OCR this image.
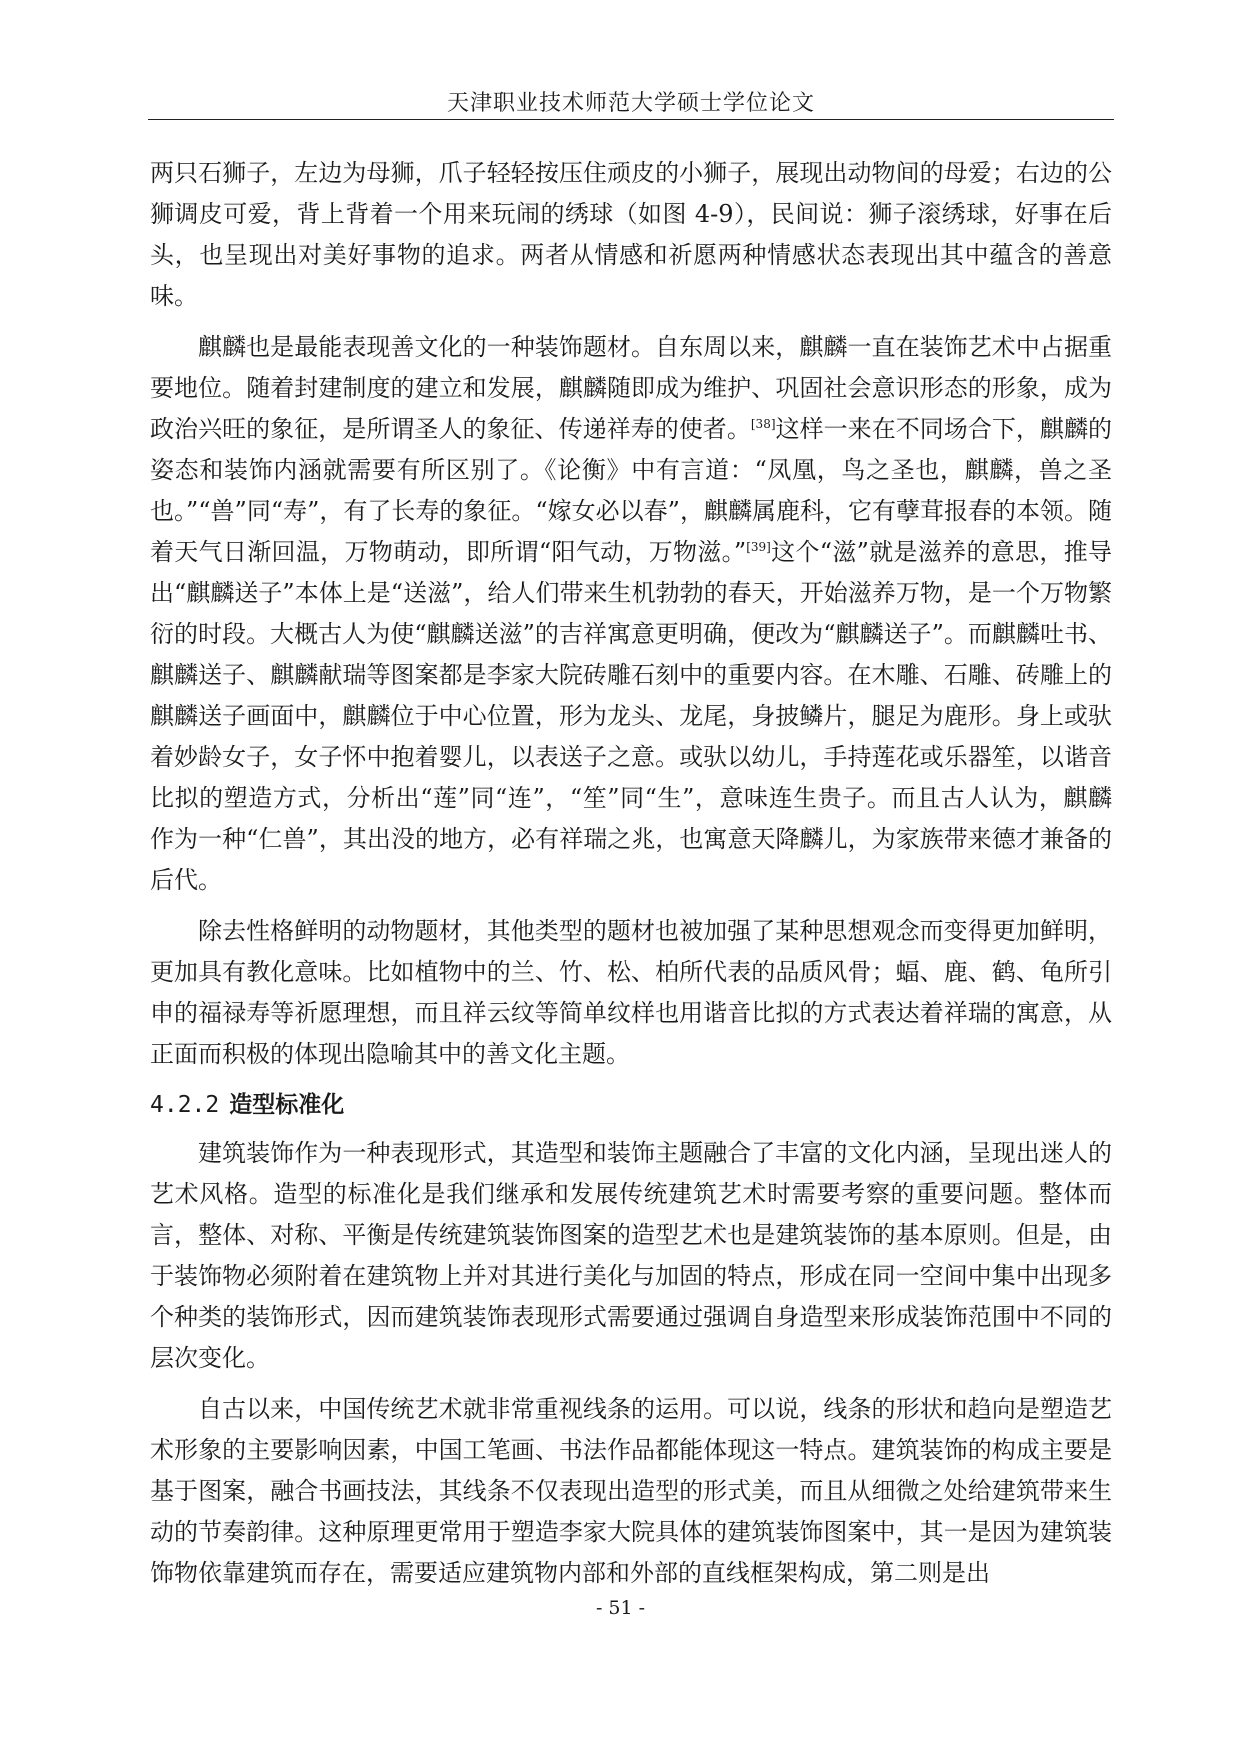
天津职业技术师范大学硕士学位论文

两只石狮子，左边为母狮，爪子轻轻按压住顽皮的小狮子，展现出动物间的母爱；右边的公狮调皮可爱，背上背着一个用来玩闹的绣球（如图 4-9），民间说：狮子滚绣球，好事在后头，也呈现出对美好事物的追求。两者从情感和祈愿两种情感状态表现出其中蕴含的善意味。

麒麟也是最能表现善文化的一种装饰题材。自东周以来，麒麟一直在装饰艺术中占据重要地位。随着封建制度的建立和发展，麒麟随即成为维护、巩固社会意识形态的形象，成为政治兴旺的象征，是所谓圣人的象征、传递祥寿的使者。[38]这样一来在不同场合下，麒麟的姿态和装饰内涵就需要有所区别了。《论衡》中有言道：“凤凰，鸟之圣也，麒麟，兽之圣也。”“兽”同“寿”，有了长寿的象征。“嫁女必以春”，麒麟属鹿科，它有孽茸报春的本领。随着天气日渐回温，万物萌动，即所谓“阳气动，万物滋。”[39]这个“滋”就是滋养的意思，推导出“麒麟送子”本体上是“送滋”，给人们带来生机勃勃的春天，开始滋养万物，是一个万物繁衍的时段。大概古人为使“麒麟送滋”的吉祥寓意更明确，便改为“麒麟送子”。而麒麟吐书、麒麟送子、麒麟献瑞等图案都是李家大院砖雕石刻中的重要内容。在木雕、石雕、砖雕上的麒麟送子画面中，麒麟位于中心位置，形为龙头、龙尾，身披鳞片，腿足为鹿形。身上或驮着妙龄女子，女子怀中抱着婴儿，以表送子之意。或驮以幼儿，手持莲花或乐器笙，以谐音比拟的塑造方式，分析出“莲”同“连”，“笙”同“生”，意味连生贵子。而且古人认为，麒麟作为一种“仁兽”，其出没的地方，必有祥瑞之兆，也寓意天降麟儿，为家族带来德才兼备的后代。

除去性格鲜明的动物题材，其他类型的题材也被加强了某种思想观念而变得更加鲜明，更加具有教化意味。比如植物中的兰、竹、松、柏所代表的品质风骨；蝠、鹿、鹤、龟所引申的福禄寿等祈愿理想，而且祥云纹等简单纹样也用谐音比拟的方式表达着祥瑞的寓意，从正面而积极的体现出隐喻其中的善文化主题。

4.2.2 造型标准化

建筑装饰作为一种表现形式，其造型和装饰主题融合了丰富的文化内涵，呈现出迷人的艺术风格。造型的标准化是我们继承和发展传统建筑艺术时需要考察的重要问题。整体而言，整体、对称、平衡是传统建筑装饰图案的造型艺术也是建筑装饰的基本原则。但是，由于装饰物必须附着在建筑物上并对其进行美化与加固的特点，形成在同一空间中集中出现多个种类的装饰形式，因而建筑装饰表现形式需要通过强调自身造型来形成装饰范围中不同的层次变化。

自古以来，中国传统艺术就非常重视线条的运用。可以说，线条的形状和趋向是塑造艺术形象的主要影响因素，中国工笔画、书法作品都能体现这一特点。建筑装饰的构成主要是基于图案，融合书画技法，其线条不仅表现出造型的形式美，而且从细微之处给建筑带来生动的节奏韵律。这种原理更常用于塑造李家大院具体的建筑装饰图案中，其一是因为建筑装饰物依靠建筑而存在，需要适应建筑物内部和外部的直线框架构成，第二则是出

- 51 -
